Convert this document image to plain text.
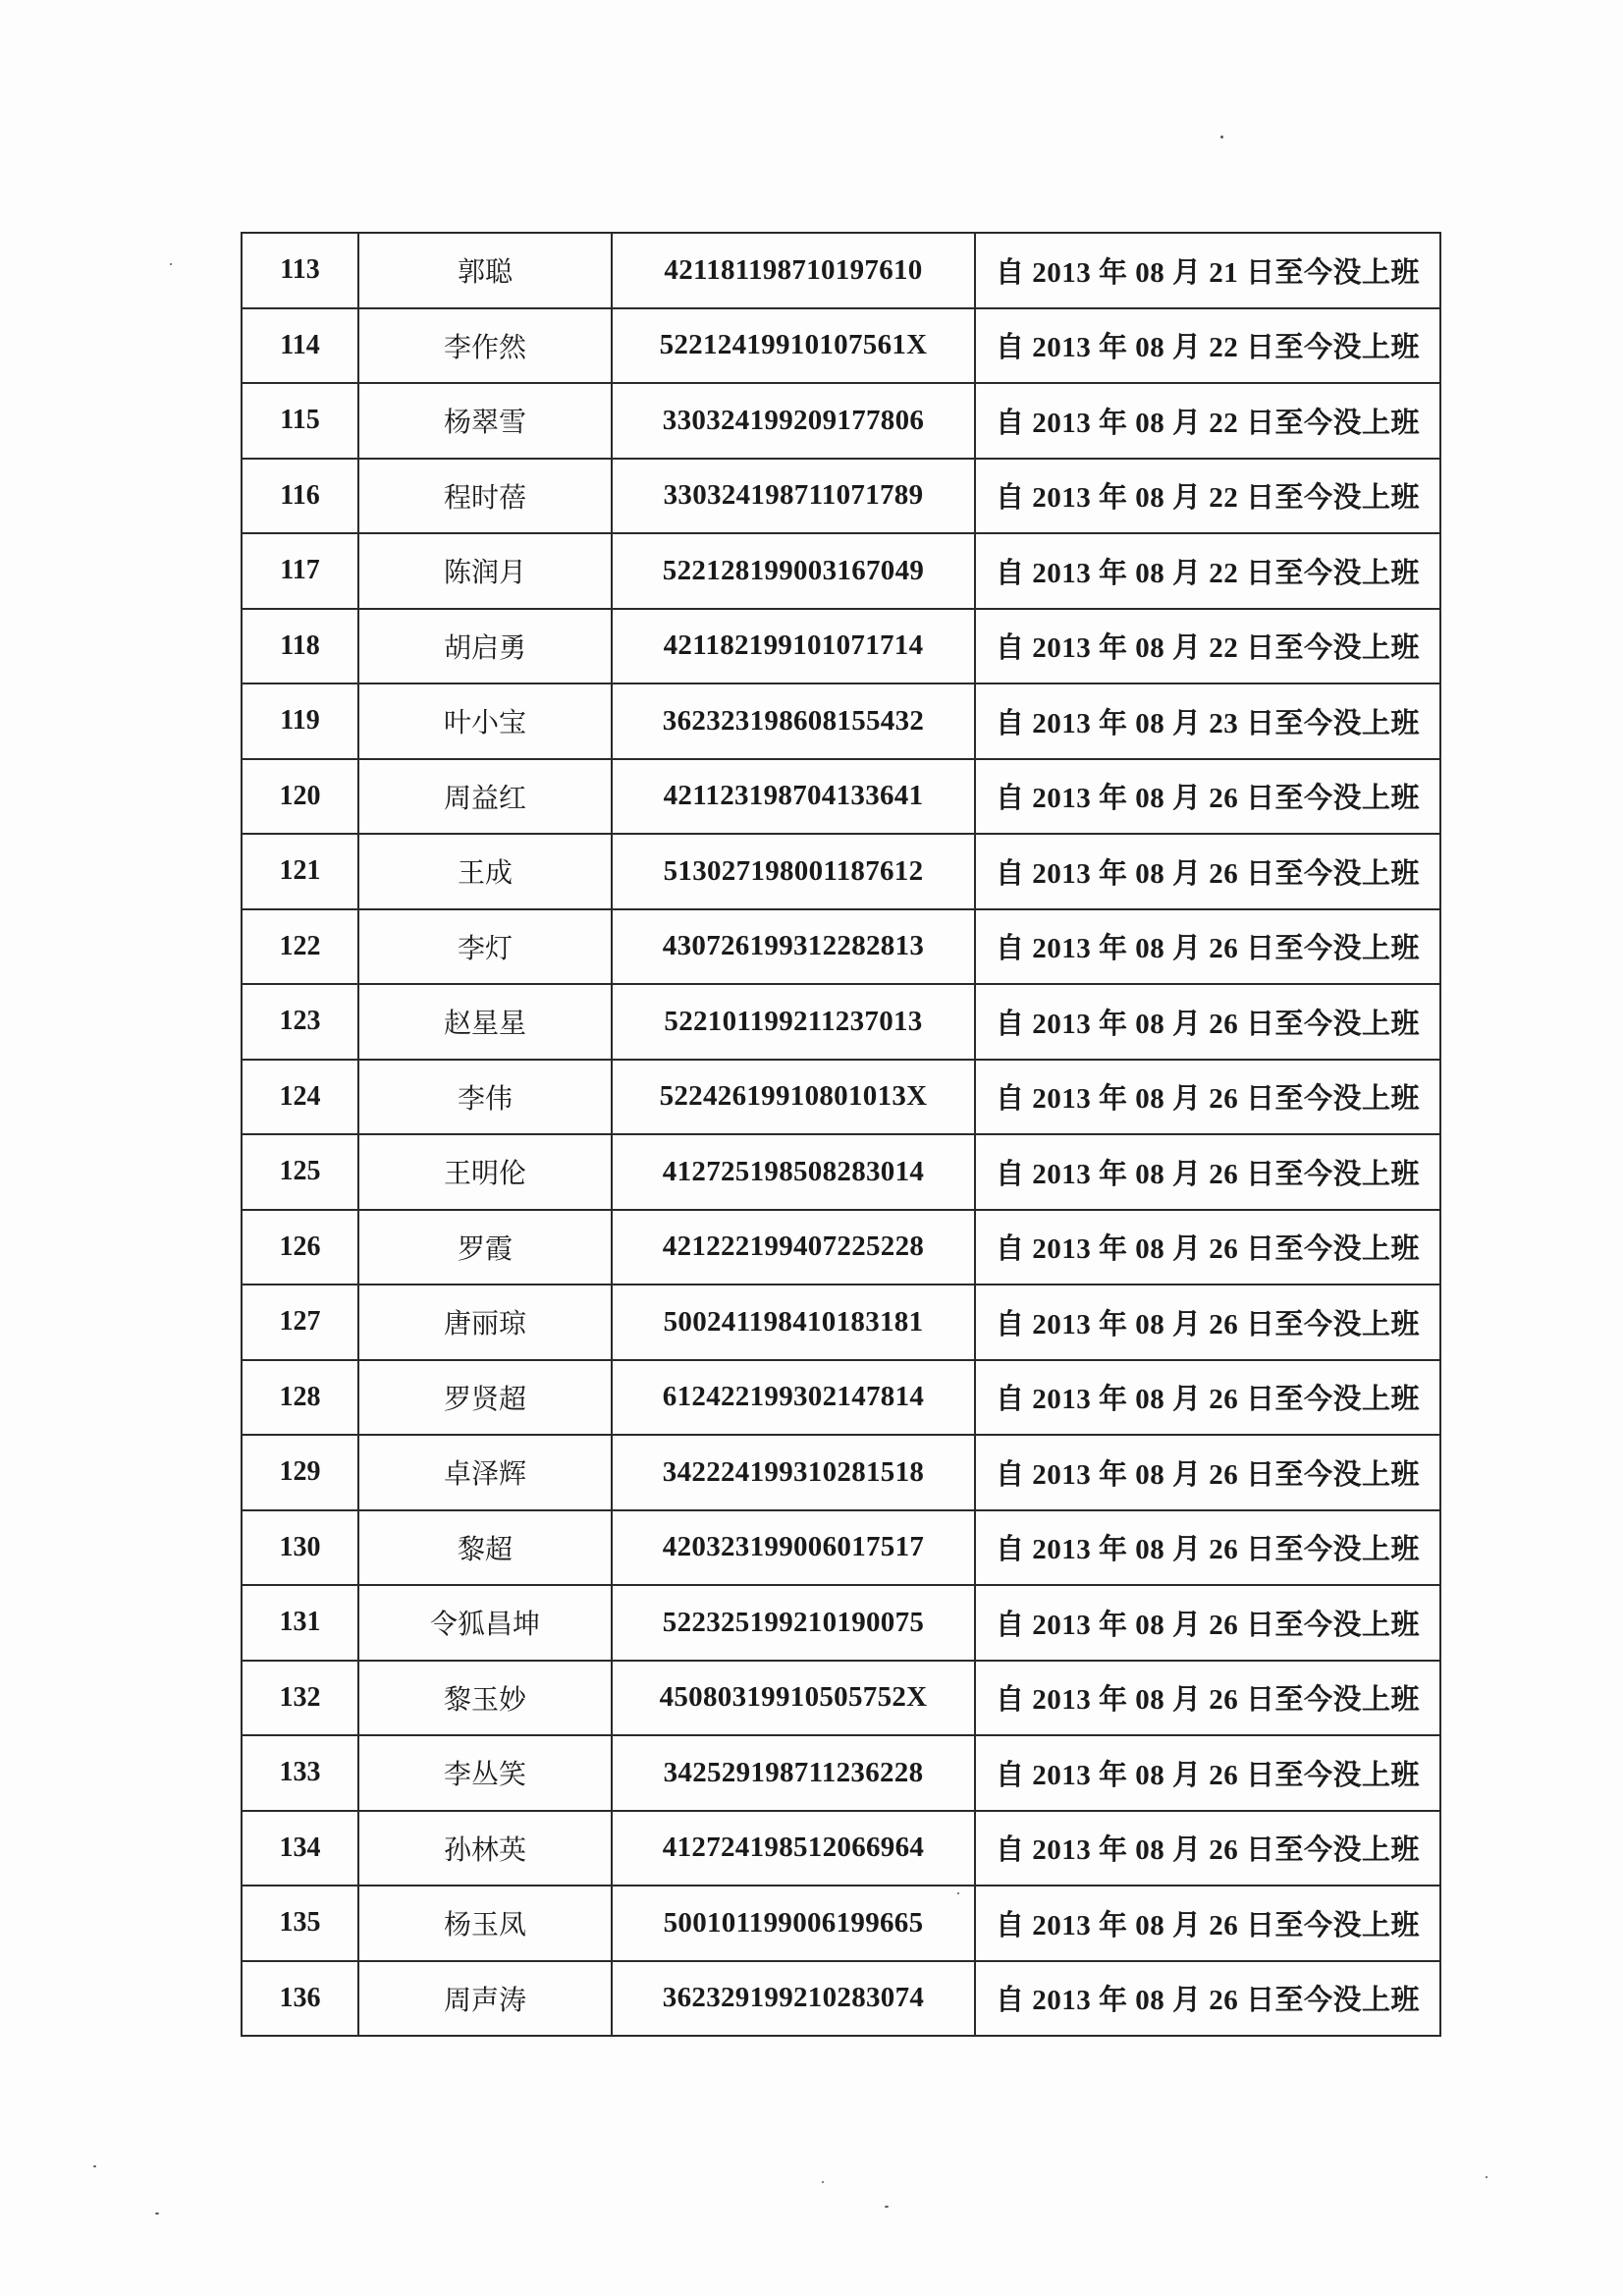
113	郭聪	421181198710197610	自 2013 年 08 月 21 日至今没上班
114	李作然	52212419910107561X	自 2013 年 08 月 22 日至今没上班
115	杨翠雪	330324199209177806	自 2013 年 08 月 22 日至今没上班
116	程时蓓	330324198711071789	自 2013 年 08 月 22 日至今没上班
117	陈润月	522128199003167049	自 2013 年 08 月 22 日至今没上班
118	胡启勇	421182199101071714	自 2013 年 08 月 22 日至今没上班
119	叶小宝	362323198608155432	自 2013 年 08 月 23 日至今没上班
120	周益红	421123198704133641	自 2013 年 08 月 26 日至今没上班
121	王成	513027198001187612	自 2013 年 08 月 26 日至今没上班
122	李灯	430726199312282813	自 2013 年 08 月 26 日至今没上班
123	赵星星	522101199211237013	自 2013 年 08 月 26 日至今没上班
124	李伟	52242619910801013X	自 2013 年 08 月 26 日至今没上班
125	王明伦	412725198508283014	自 2013 年 08 月 26 日至今没上班
126	罗霞	421222199407225228	自 2013 年 08 月 26 日至今没上班
127	唐丽琼	500241198410183181	自 2013 年 08 月 26 日至今没上班
128	罗贤超	612422199302147814	自 2013 年 08 月 26 日至今没上班
129	卓泽辉	342224199310281518	自 2013 年 08 月 26 日至今没上班
130	黎超	420323199006017517	自 2013 年 08 月 26 日至今没上班
131	令狐昌坤	522325199210190075	自 2013 年 08 月 26 日至今没上班
132	黎玉妙	45080319910505752X	自 2013 年 08 月 26 日至今没上班
133	李丛笑	342529198711236228	自 2013 年 08 月 26 日至今没上班
134	孙林英	412724198512066964	自 2013 年 08 月 26 日至今没上班
135	杨玉凤	500101199006199665	自 2013 年 08 月 26 日至今没上班
136	周声涛	362329199210283074	自 2013 年 08 月 26 日至今没上班
